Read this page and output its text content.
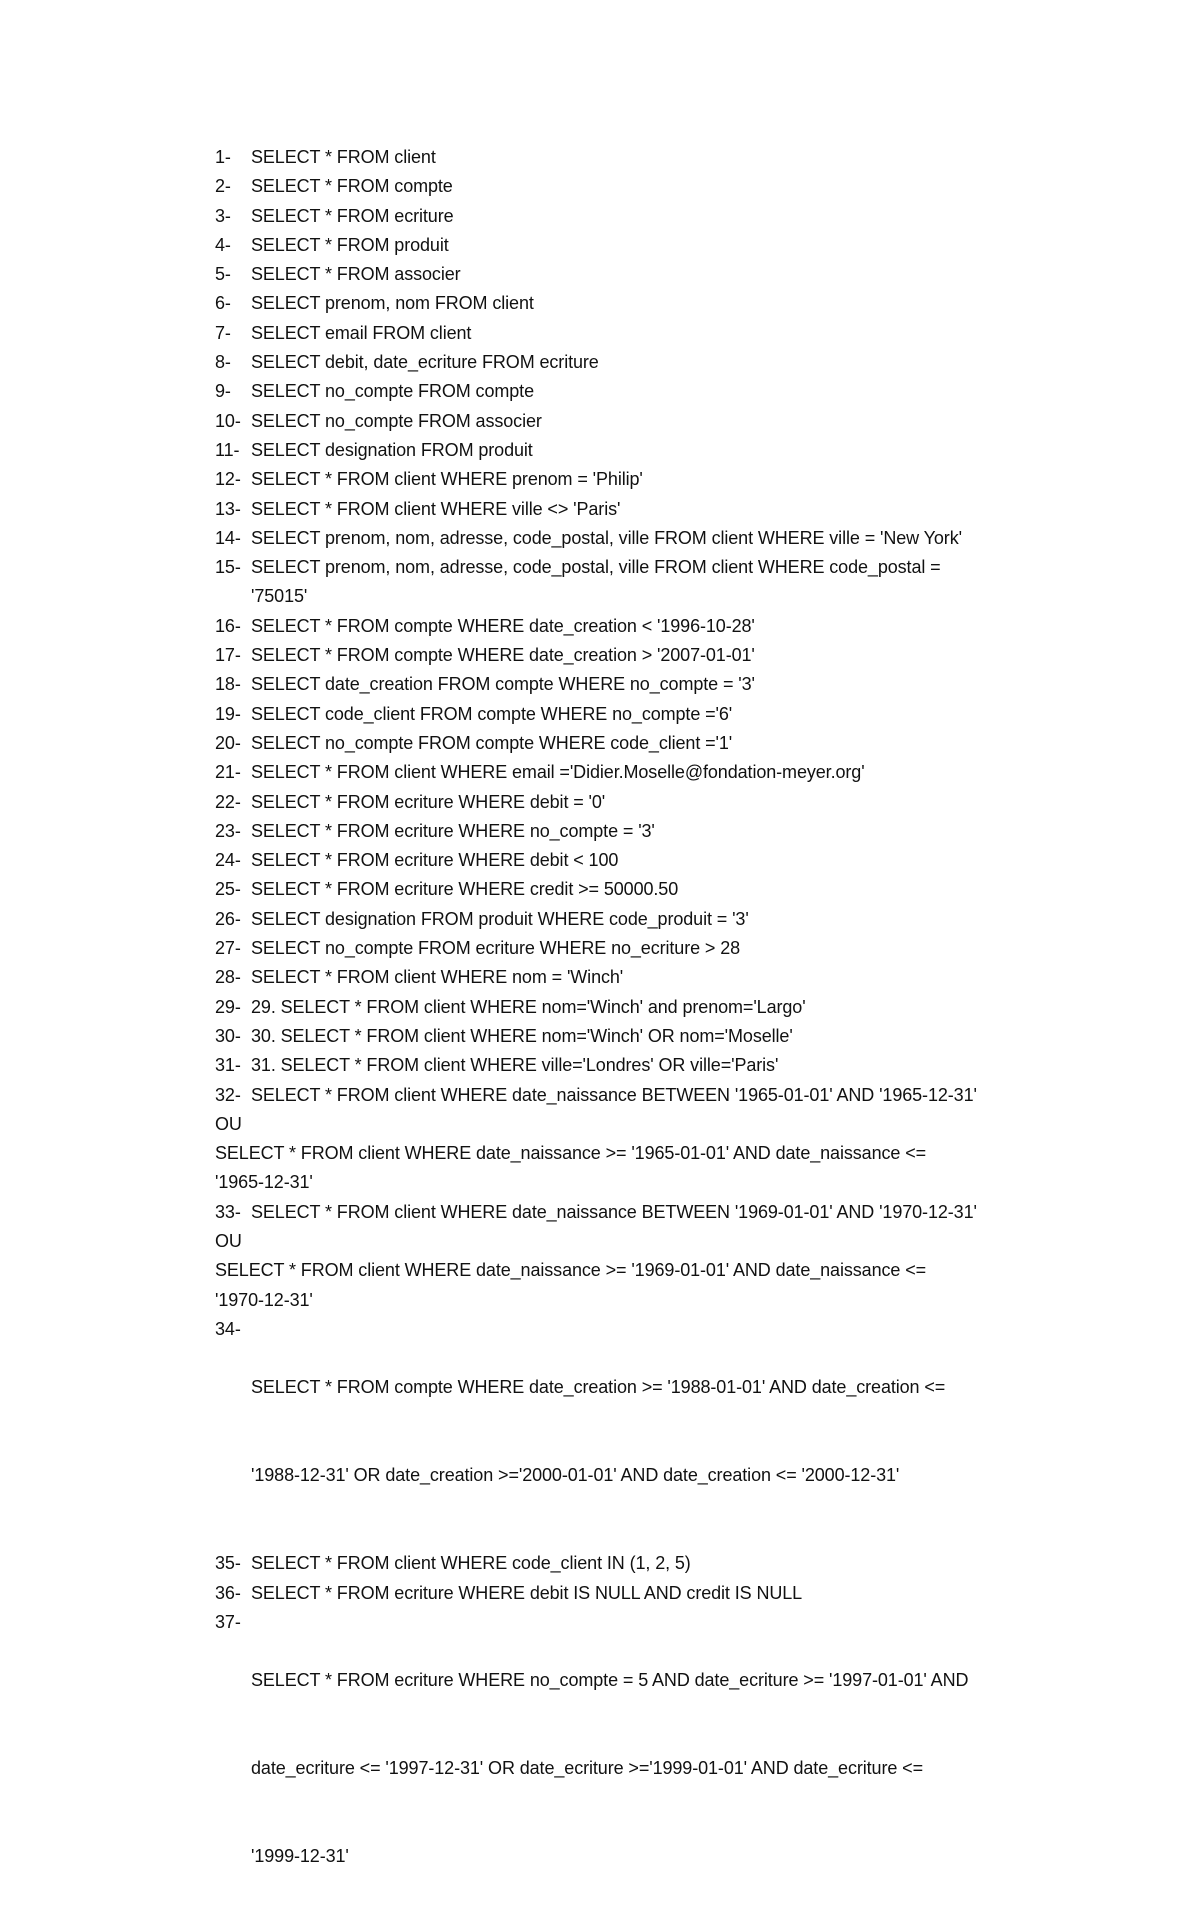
1-	SELECT * FROM client
2-	SELECT * FROM compte
3-	SELECT * FROM ecriture
4-	SELECT * FROM produit
5-	SELECT * FROM associer
6-	SELECT prenom, nom FROM client
7-	SELECT email FROM client
8-	SELECT debit, date_ecriture FROM ecriture
9-	SELECT no_compte FROM compte
10- SELECT no_compte FROM associer
11- SELECT designation FROM produit
12- SELECT * FROM client WHERE prenom = 'Philip'
13- SELECT * FROM client WHERE ville <> 'Paris'
14- SELECT prenom, nom, adresse, code_postal, ville FROM client WHERE ville = 'New York'
15- SELECT prenom, nom, adresse, code_postal, ville FROM client WHERE code_postal =
'75015'
16- SELECT * FROM compte WHERE date_creation < '1996-10-28'
17- SELECT * FROM compte WHERE date_creation > '2007-01-01'
18- SELECT date_creation FROM compte WHERE no_compte = '3'
19- SELECT code_client FROM compte WHERE no_compte ='6'
20- SELECT no_compte FROM compte WHERE code_client ='1'
21- SELECT * FROM client WHERE email ='Didier.Moselle@fondation-meyer.org'
22- SELECT * FROM ecriture WHERE debit = '0'
23- SELECT * FROM ecriture WHERE no_compte = '3'
24- SELECT * FROM ecriture WHERE debit < 100
25- SELECT * FROM ecriture WHERE credit >= 50000.50
26- SELECT designation FROM produit WHERE code_produit = '3'
27- SELECT no_compte FROM ecriture WHERE no_ecriture > 28
28- SELECT * FROM client WHERE nom = 'Winch'
29- 29. SELECT * FROM client WHERE nom='Winch' and prenom='Largo'
30- 30. SELECT * FROM client WHERE nom='Winch' OR nom='Moselle'
31- 31. SELECT * FROM client WHERE ville='Londres' OR ville='Paris'
32- SELECT * FROM client WHERE date_naissance BETWEEN '1965-01-01' AND '1965-12-31'
OU
SELECT * FROM client WHERE date_naissance >= '1965-01-01' AND date_naissance <=
'1965-12-31'
33- SELECT * FROM client WHERE date_naissance BETWEEN '1969-01-01' AND '1970-12-31'
OU
SELECT * FROM client WHERE date_naissance >= '1969-01-01' AND date_naissance <=
'1970-12-31'
34-

SELECT * FROM compte WHERE date_creation >= '1988-01-01' AND date_creation <=

'1988-12-31' OR date_creation >='2000-01-01' AND date_creation <= '2000-12-31'

35- SELECT * FROM client WHERE code_client IN (1, 2, 5)
36- SELECT * FROM ecriture WHERE debit IS NULL AND credit IS NULL
37-

SELECT * FROM ecriture WHERE no_compte = 5 AND date_ecriture >= '1997-01-01' AND

date_ecriture <= '1997-12-31' OR date_ecriture >='1999-01-01' AND date_ecriture <=

'1999-12-31'
